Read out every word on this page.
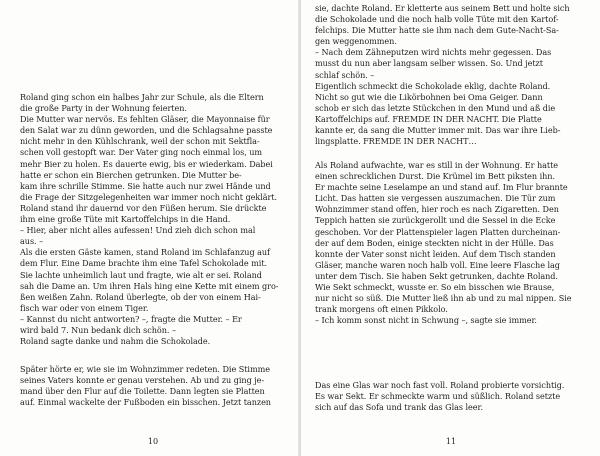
Roland ging schon ein halbes Jahr zur Schule, als die Eltern
die große Party in der Wohnung feierten.
Die Mutter war nervös. Es fehlten Gläser, die Mayonnaise für
den Salat war zu dünn geworden, und die Schlagsahne passte
nicht mehr in den Kühlschrank, weil der schon mit Sektfla-
schen voll gestopft war. Der Vater ging noch einmal los, um
mehr Bier zu holen. Es dauerte ewig, bis er wiederkam. Dabei
hatte er schon ein Bierchen getrunken. Die Mutter be-
kam ihre schrille Stimme. Sie hatte auch nur zwei Hände und
die Frage der Sitzgelegenheiten war immer noch nicht geklärt.
Roland stand ihr dauernd vor den Füßen herum. Sie drückte
ihm eine große Tüte mit Kartoffelchips in die Hand.
– Hier, aber nicht alles aufessen! Und zieh dich schon mal
aus. –
Als die ersten Gäste kamen, stand Roland im Schlafanzug auf
dem Flur. Eine Dame brachte ihm eine Tafel Schokolade mit.
Sie lachte unheimlich laut und fragte, wie alt er sei. Roland
sah die Dame an. Um ihren Hals hing eine Kette mit einem gro-
ßen weißen Zahn. Roland überlegte, ob der von einem Hai-
fisch war oder von einem Tiger.
– Kannst du nicht antworten? –, fragte die Mutter. – Er
wird bald 7. Nun bedank dich schön. –
Roland sagte danke und nahm die Schokolade.
Später hörte er, wie sie im Wohnzimmer redeten. Die Stimme
seines Vaters konnte er genau verstehen. Ab und zu ging je-
mand über den Flur auf die Toilette. Dann legten sie Platten
auf. Einmal wackelte der Fußboden ein bisschen. Jetzt tanzen
10
sie, dachte Roland. Er kletterte aus seinem Bett und holte sich
die Schokolade und die noch halb volle Tüte mit den Kartof-
felchips. Die Mutter hatte sie ihm nach dem Gute-Nacht-Sa-
gen weggenommen.
– Nach dem Zähneputzen wird nichts mehr gegessen. Das
musst du nun aber langsam selber wissen. So. Und jetzt
schlaf schön. –
Eigentlich schmeckt die Schokolade eklig, dachte Roland.
Nicht so gut wie die Likörbohnen bei Oma Geiger. Dann
schob er sich das letzte Stückchen in den Mund und aß die
Kartoffelchips auf. FREMDE IN DER NACHT. Die Platte
kannte er, da sang die Mutter immer mit. Das war ihre Lieb-
lingsplatte. FREMDE IN DER NACHT…
Als Roland aufwachte, war es still in der Wohnung. Er hatte
einen schrecklichen Durst. Die Krümel im Bett piksten ihn.
Er machte seine Leselampe an und stand auf. Im Flur brannte
Licht. Das hatten sie vergessen auszumachen. Die Tür zum
Wohnzimmer stand offen, hier roch es nach Zigaretten. Den
Teppich hatten sie zurückgerollt und die Sessel in die Ecke
geschoben. Vor der Plattenspieler lagen Platten durcheinan-
der auf dem Boden, einige steckten nicht in der Hülle. Das
konnte der Vater sonst nicht leiden. Auf dem Tisch standen
Gläser, manche waren noch halb voll. Eine leere Flasche lag
unter dem Tisch. Sie haben Sekt getrunken, dachte Roland.
Wie Sekt schmeckt, wusste er. So ein bisschen wie Brause,
nur nicht so süß. Die Mutter ließ ihn ab und zu mal nippen. Sie
trank morgens oft einen Pikkolo.
– Ich komm sonst nicht in Schwung –, sagte sie immer.
Das eine Glas war noch fast voll. Roland probierte vorsichtig.
Es war Sekt. Er schmeckte warm und süßlich. Roland setzte
sich auf das Sofa und trank das Glas leer.
11
